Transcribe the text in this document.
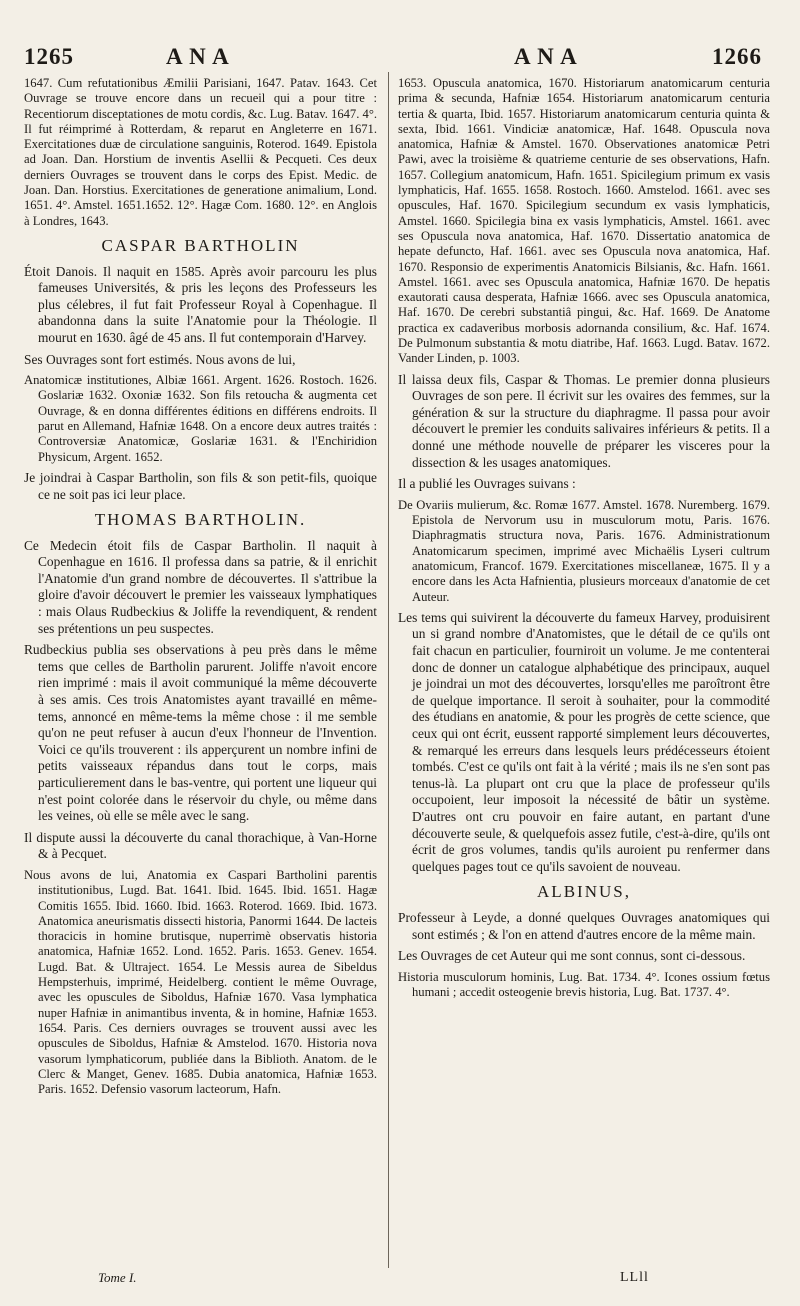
1265	A N A	A N A	1266

1647. Cum refutationibus Æmilii Parisiani, 1647. Patav. 1643. Cet Ouvrage se trouve encore dans un recueil qui a pour titre : Recentiorum disceptationes de motu cordis, &c. Lug. Batav. 1647. 4°. Il fut réimprimé à Rotterdam, & reparut en Angleterre en 1671. Exercitationes duæ de circulatione sanguinis, Roterod. 1649. Epistola ad Joan. Dan. Horstium de inventis Asellii & Pecqueti. Ces deux derniers Ouvrages se trouvent dans le corps des Epist. Medic. de Joan. Dan. Horstius. Exercitationes de generatione animalium, Lond. 1651. 4°. Amstel. 1651.1652. 12°. Hagæ Com. 1680. 12°. en Anglois à Londres, 1643.

CASPAR BARTHOLIN

Étoit Danois. Il naquit en 1585. Après avoir parcouru les plus fameuses Universités, & pris les leçons des Professeurs les plus célebres, il fut fait Professeur Royal à Copenhague. Il abandonna dans la suite l'Anatomie pour la Théologie. Il mourut en 1630. âgé de 45 ans. Il fut contemporain d'Harvey.

Ses Ouvrages sont fort estimés. Nous avons de lui,

Anatomicæ institutiones, Albiæ 1661. Argent. 1626. Rostoch. 1626. Goslariæ 1632. Oxoniæ 1632. Son fils retoucha & augmenta cet Ouvrage, & en donna différentes éditions en différens endroits. Il parut en Allemand, Hafniæ 1648. On a encore deux autres traités : Controversiæ Anatomicæ, Goslariæ 1631. & l'Enchiridion Physicum, Argent. 1652.

Je joindrai à Caspar Bartholin, son fils & son petit-fils, quoique ce ne soit pas ici leur place.

THOMAS BARTHOLIN.

Ce Medecin étoit fils de Caspar Bartholin. Il naquit à Copenhague en 1616. Il professa dans sa patrie, & il enrichit l'Anatomie d'un grand nombre de découvertes. Il s'attribue la gloire d'avoir découvert le premier les vaisseaux lymphatiques : mais Olaus Rudbeckius & Joliffe la revendiquent, & rendent ses prétentions un peu suspectes.

Rudbeckius publia ses observations à peu près dans le même tems que celles de Bartholin parurent. Joliffe n'avoit encore rien imprimé : mais il avoit communiqué la même découverte à ses amis. Ces trois Anatomistes ayant travaillé en même-tems, annoncé en même-tems la même chose : il me semble qu'on ne peut refuser à aucun d'eux l'honneur de l'Invention. Voici ce qu'ils trouverent : ils apperçurent un nombre infini de petits vaisseaux répandus dans tout le corps, mais particulierement dans le bas-ventre, qui portent une liqueur qui n'est point colorée dans le réservoir du chyle, ou même dans les veines, où elle se mêle avec le sang.

Il dispute aussi la découverte du canal thorachique, à Van-Horne & à Pecquet.

Nous avons de lui, Anatomia ex Caspari Bartholini parentis institutionibus, Lugd. Bat. 1641. Ibid. 1645. Ibid. 1651. Hagæ Comitis 1655. Ibid. 1660. Ibid. 1663. Roterod. 1669. Ibid. 1673. Anatomica aneurismatis dissecti historia, Panormi 1644. De lacteis thoracicis in homine brutisque, nuperrimè observatis historia anatomica, Hafniæ 1652. Lond. 1652. Paris. 1653. Genev. 1654. Lugd. Bat. & Ultraject. 1654. Le Messis aurea de Sibeldus Hempsterhuis, imprimé, Heidelberg. contient le même Ouvrage, avec les opuscules de Siboldus, Hafniæ 1670. Vasa lymphatica nuper Hafniæ in animantibus inventa, & in homine, Hafniæ 1653. 1654. Paris. Ces derniers ouvrages se trouvent aussi avec les opuscules de Siboldus, Hafniæ & Amstelod. 1670. Historia nova vasorum lymphaticorum, publiée dans la Biblioth. Anatom. de le Clerc & Manget, Genev. 1685. Dubia anatomica, Hafniæ 1653. Paris. 1652. Defensio vasorum lacteorum, Hafn.

1653. Opuscula anatomica, 1670. Historiarum anatomicarum centuria prima & secunda, Hafniæ 1654. Historiarum anatomicarum centuria tertia & quarta, Ibid. 1657. Historiarum anatomicarum centuria quinta & sexta, Ibid. 1661. Vindiciæ anatomicæ, Haf. 1648. Opuscula nova anatomica, Hafniæ & Amstel. 1670. Observationes anatomicæ Petri Pawi, avec la troisième & quatrieme centurie de ses observations, Hafn. 1657. Collegium anatomicum, Hafn. 1651. Spicilegium primum ex vasis lymphaticis, Haf. 1655. 1658. Rostoch. 1660. Amstelod. 1661. avec ses opuscules, Haf. 1670. Spicilegium secundum ex vasis lymphaticis, Amstel. 1660. Spicilegia bina ex vasis lymphaticis, Amstel. 1661. avec ses Opuscula nova anatomica, Haf. 1670. Dissertatio anatomica de hepate defuncto, Haf. 1661. avec ses Opuscula nova anatomica, Haf. 1670. Responsio de experimentis Anatomicis Bilsianis, &c. Hafn. 1661. Amstel. 1661. avec ses Opuscula anatomica, Hafniæ 1670. De hepatis exautorati causa desperata, Hafniæ 1666. avec ses Opuscula anatomica, Haf. 1670. De cerebri substantiâ pingui, &c. Haf. 1669. De Anatome practica ex cadaveribus morbosis adornanda consilium, &c. Haf. 1674. De Pulmonum substantia & motu diatribe, Haf. 1663. Lugd. Batav. 1672. Vander Linden, p. 1003.

Il laissa deux fils, Caspar & Thomas. Le premier donna plusieurs Ouvrages de son pere. Il écrivit sur les ovaires des femmes, sur la génération & sur la structure du diaphragme. Il passa pour avoir découvert le premier les conduits salivaires inférieurs & petits. Il a donné une méthode nouvelle de préparer les visceres pour la dissection & les usages anatomiques.

Il a publié les Ouvrages suivans :

De Ovariis mulierum, &c. Romæ 1677. Amstel. 1678. Nuremberg. 1679. Epistola de Nervorum usu in musculorum motu, Paris. 1676. Diaphragmatis structura nova, Paris. 1676. Administrationum Anatomicarum specimen, imprimé avec Michaëlis Lyseri cultrum anatomicum, Francof. 1679. Exercitationes miscellaneæ, 1675. Il y a encore dans les Acta Hafnientia, plusieurs morceaux d'anatomie de cet Auteur.

Les tems qui suivirent la découverte du fameux Harvey, produisirent un si grand nombre d'Anatomistes, que le détail de ce qu'ils ont fait chacun en particulier, fourniroit un volume. Je me contenterai donc de donner un catalogue alphabétique des principaux, auquel je joindrai un mot des découvertes, lorsqu'elles me paroîtront être de quelque importance. Il seroit à souhaiter, pour la commodité des étudians en anatomie, & pour les progrès de cette science, que ceux qui ont écrit, eussent rapporté simplement leurs découvertes, & remarqué les erreurs dans lesquels leurs prédécesseurs étoient tombés. C'est ce qu'ils ont fait à la vérité ; mais ils ne s'en sont pas tenus-là. La plupart ont cru que la place de professeur qu'ils occupoient, leur imposoit la nécessité de bâtir un système. D'autres ont cru pouvoir en faire autant, en partant d'une découverte seule, & quelquefois assez futile, c'est-à-dire, qu'ils ont écrit de gros volumes, tandis qu'ils auroient pu renfermer dans quelques pages tout ce qu'ils savoient de nouveau.

ALBINUS,

Professeur à Leyde, a donné quelques Ouvrages anatomiques qui sont estimés ; & l'on en attend d'autres encore de la même main.

Les Ouvrages de cet Auteur qui me sont connus, sont ci-dessous.

Historia musculorum hominis, Lug. Bat. 1734. 4°. Icones ossium fœtus humani ; accedit osteogenie brevis historia, Lug. Bat. 1737. 4°.

Tome I.	LLll
